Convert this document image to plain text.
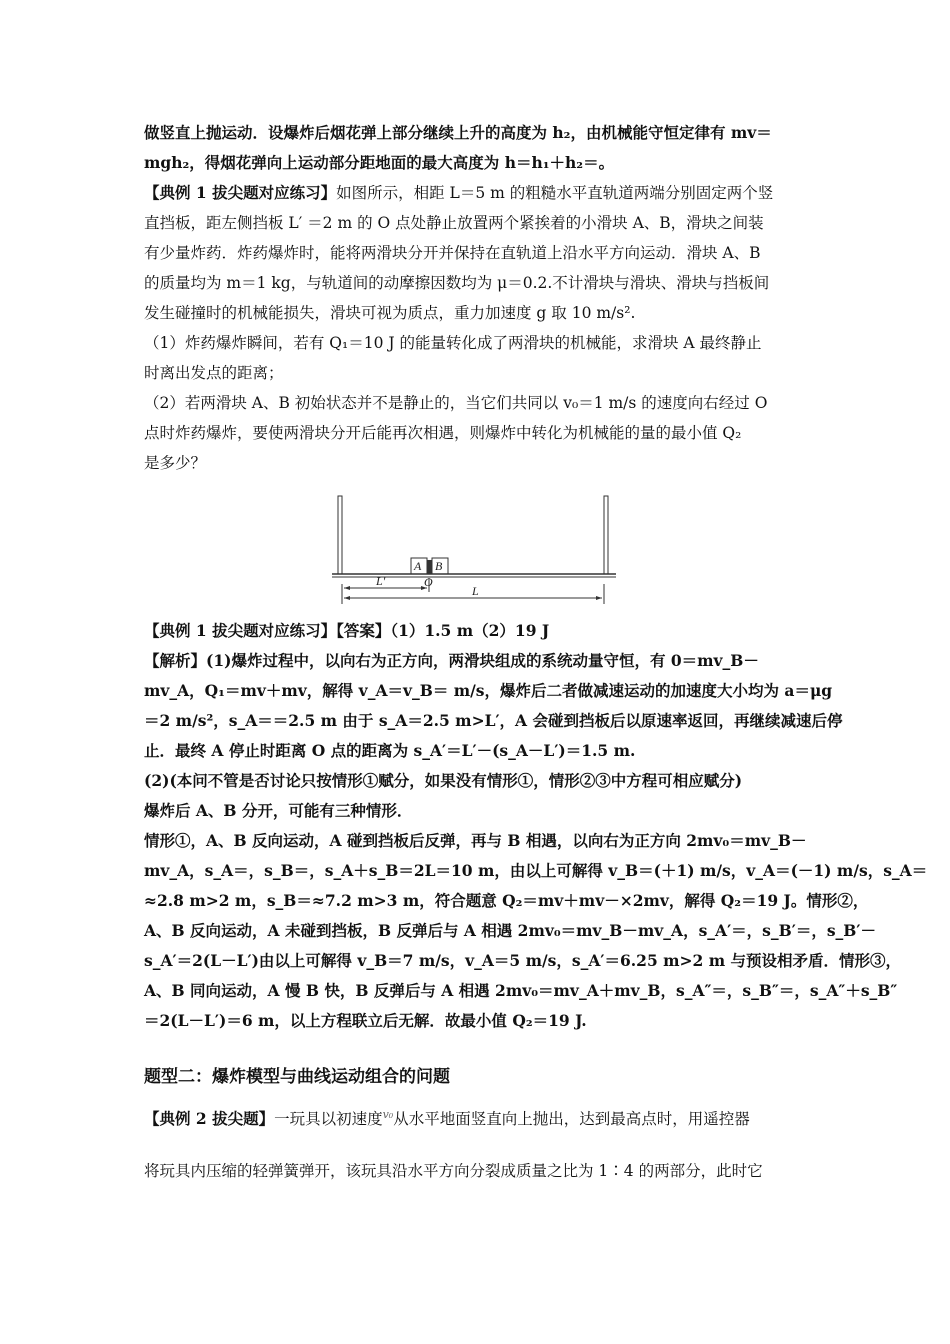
做竖直上抛运动．设爆炸后烟花弹上部分继续上升的高度为 h₂，由机械能守恒定律有 mv＝
mgh₂，得烟花弹向上运动部分距地面的最大高度为 h＝h₁＋h₂＝。
【典例 1 拔尖题对应练习】如图所示，相距 L＝5 m 的粗糙水平直轨道两端分别固定两个竖
直挡板，距左侧挡板 L′ ＝2 m 的 O 点处静止放置两个紧挨着的小滑块 A、B，滑块之间装
有少量炸药．炸药爆炸时，能将两滑块分开并保持在直轨道上沿水平方向运动．滑块 A、B
的质量均为 m＝1 kg，与轨道间的动摩擦因数均为 μ＝0.2.不计滑块与滑块、滑块与挡板间
发生碰撞时的机械能损失，滑块可视为质点，重力加速度 g 取 10 m/s².
（1）炸药爆炸瞬间，若有 Q₁＝10 J 的能量转化成了两滑块的机械能，求滑块 A 最终静止
时离出发点的距离；
（2）若两滑块 A、B 初始状态并不是静止的，当它们共同以 v₀＝1 m/s 的速度向右经过 O
点时炸药爆炸，要使两滑块分开后能再次相遇，则爆炸中转化为机械能的量的最小值 Q₂
是多少？
A B
O
L′
L
【典例 1 拔尖题对应练习】【答案】（1）1.5 m（2）19 J
【解析】(1)爆炸过程中，以向右为正方向，两滑块组成的系统动量守恒，有 0＝mv_B－
mv_A，Q₁＝mv＋mv，解得 v_A＝v_B＝ m/s，爆炸后二者做减速运动的加速度大小均为 a＝μg
＝2 m/s²，s_A＝＝2.5 m 由于 s_A＝2.5 m>L′，A 会碰到挡板后以原速率返回，再继续减速后停
止．最终 A 停止时距离 O 点的距离为 s_A′＝L′－(s_A－L′)＝1.5 m.
(2)(本问不管是否讨论只按情形①赋分，如果没有情形①，情形②③中方程可相应赋分)
爆炸后 A、B 分开，可能有三种情形．
情形①，A、B 反向运动，A 碰到挡板后反弹，再与 B 相遇，以向右为正方向 2mv₀＝mv_B－
mv_A，s_A＝，s_B＝，s_A＋s_B＝2L＝10 m，由以上可解得 v_B＝(＋1) m/s，v_A＝(－1) m/s，s_A＝
≈2.8 m>2 m，s_B＝≈7.2 m>3 m，符合题意 Q₂＝mv＋mv－×2mv，解得 Q₂＝19 J。情形②，
A、B 反向运动，A 未碰到挡板，B 反弹后与 A 相遇 2mv₀＝mv_B－mv_A，s_A′＝，s_B′＝，s_B′－
s_A′＝2(L－L′)由以上可解得 v_B＝7 m/s，v_A＝5 m/s，s_A′＝6.25 m>2 m 与预设相矛盾．情形③，
A、B 同向运动，A 慢 B 快，B 反弹后与 A 相遇 2mv₀＝mv_A＋mv_B，s_A″＝，s_B″＝，s_A″＋s_B″
＝2(L－L′)＝6 m，以上方程联立后无解．故最小值 Q₂＝19 J.
题型二：爆炸模型与曲线运动组合的问题
【典例 2 拔尖题】一玩具以初速度$^{v_0}$从水平地面竖直向上抛出，达到最高点时，用遥控器
将玩具内压缩的轻弹簧弹开，该玩具沿水平方向分裂成质量之比为 1∶4 的两部分，此时它
